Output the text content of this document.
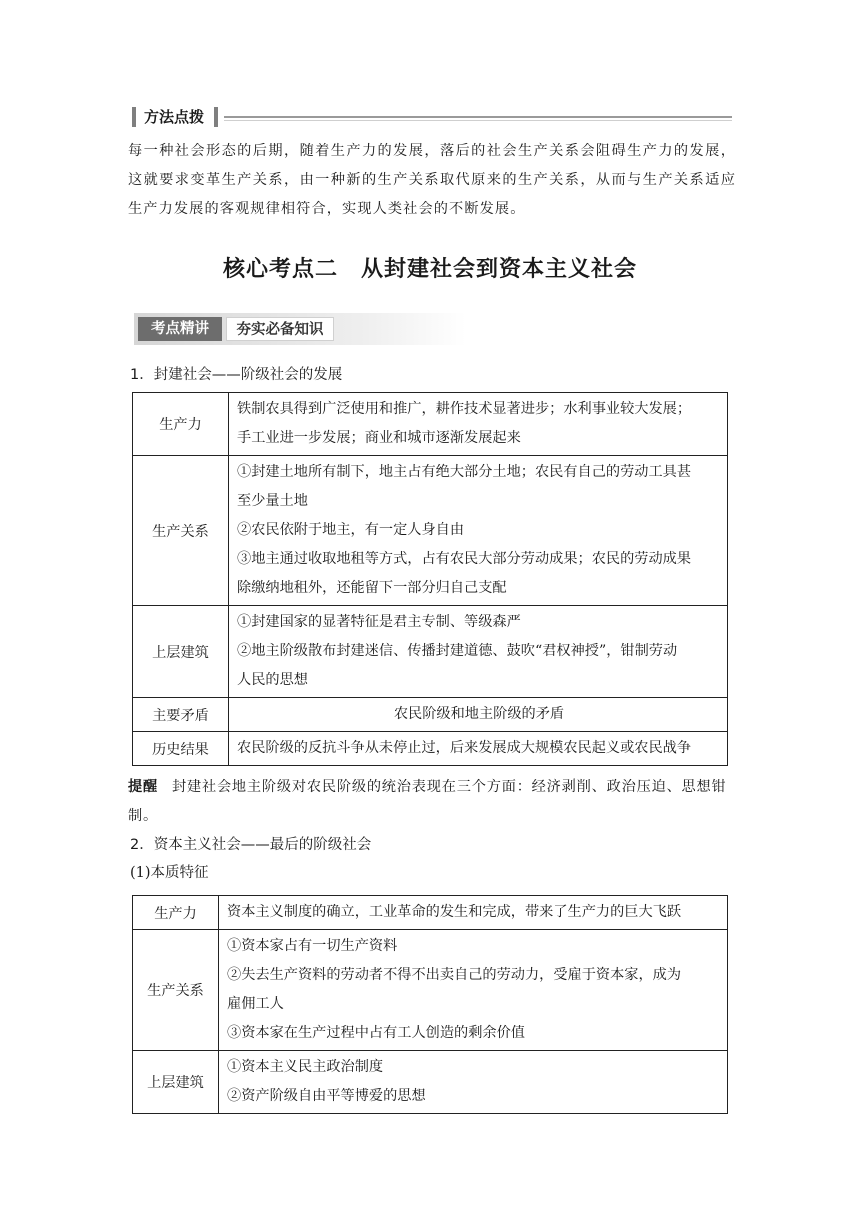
方法点拨
每一种社会形态的后期，随着生产力的发展，落后的社会生产关系会阻碍生产力的发展，这就要求变革生产关系，由一种新的生产关系取代原来的生产关系，从而与生产关系适应生产力发展的客观规律相符合，实现人类社会的不断发展。
核心考点二　从封建社会到资本主义社会
考点精讲	夯实必备知识
1．封建社会——阶级社会的发展
生产力	铁制农具得到广泛使用和推广，耕作技术显著进步；水利事业较大发展；
手工业进一步发展；商业和城市逐渐发展起来

生产关系	①封建土地所有制下，地主占有绝大部分土地；农民有自己的劳动工具甚
至少量土地
②农民依附于地主，有一定人身自由
③地主通过收取地租等方式，占有农民大部分劳动成果；农民的劳动成果
除缴纳地租外，还能留下一部分归自己支配

上层建筑	①封建国家的显著特征是君主专制、等级森严
②地主阶级散布封建迷信、传播封建道德、鼓吹“君权神授”，钳制劳动
人民的思想

主要矛盾	农民阶级和地主阶级的矛盾

历史结果	农民阶级的反抗斗争从未停止过，后来发展成大规模农民起义或农民战争
提醒 封建社会地主阶级对农民阶级的统治表现在三个方面：经济剥削、政治压迫、思想钳制。
2．资本主义社会——最后的阶级社会
(1)本质特征
生产力	资本主义制度的确立，工业革命的发生和完成，带来了生产力的巨大飞跃

生产关系	①资本家占有一切生产资料
②失去生产资料的劳动者不得不出卖自己的劳动力，受雇于资本家，成为
雇佣工人
③资本家在生产过程中占有工人创造的剩余价值

上层建筑	①资本主义民主政治制度
②资产阶级自由平等博爱的思想
